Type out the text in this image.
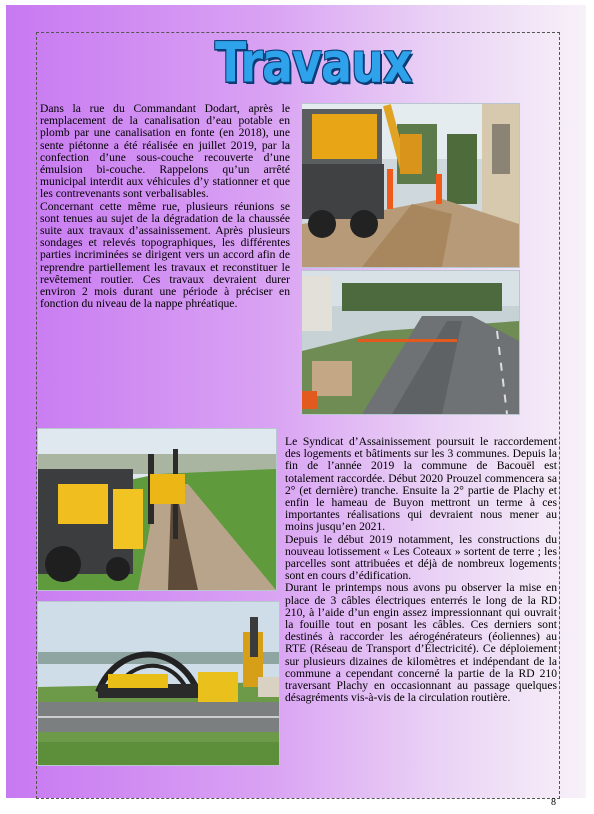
Travaux

Dans la rue du Commandant Dodart, après le remplacement de la canalisation d’eau potable en plomb par une canalisation en fonte (en 2018), une sente piétonne a été réalisée en juillet 2019, par la confection d’une sous-couche recouverte d’une émulsion bi-couche. Rappelons qu’un arrêté municipal interdit aux véhicules d’y stationner et que les contrevenants sont verbalisables.

Concernant cette même rue, plusieurs réunions se sont tenues au sujet de la dégradation de la chaussée suite aux travaux d’assainissement. Après plusieurs sondages et relevés topographiques, les différentes parties incriminées se dirigent vers un accord afin de reprendre partiellement les travaux et reconstituer le revêtement routier. Ces travaux devraient durer environ 2 mois durant une période à préciser en fonction du niveau de la nappe phréatique.

Le Syndicat d’Assainissement poursuit le raccordement des logements et bâtiments sur les 3 communes. Depuis la fin de l’année 2019 la commune de Bacouël est totalement raccordée. Début 2020 Prouzel commencera sa 2° (et dernière) tranche. Ensuite la 2° partie de Plachy et enfin le hameau de Buyon mettront un terme à ces importantes réalisations qui devraient nous mener au moins jusqu’en 2021.

Depuis le début 2019 notamment, les constructions du nouveau lotissement « Les Coteaux » sortent de terre ; les parcelles sont attribuées et déjà de nombreux logements sont en cours d’édification.

Durant le printemps nous avons pu observer la mise en place de 3 câbles électriques enterrés le long de la RD 210, à l’aide d’un engin assez impressionnant qui ouvrait la fouille tout en posant les câbles. Ces derniers sont destinés à raccorder les aérogénérateurs (éoliennes) au RTE (Réseau de Transport d’Électricité). Ce déploiement sur plusieurs dizaines de kilomètres et indépendant de la commune a cependant concerné la partie de la RD 210 traversant Plachy en occasionnant au passage quelques désagréments vis-à-vis de la circulation routière.

8
